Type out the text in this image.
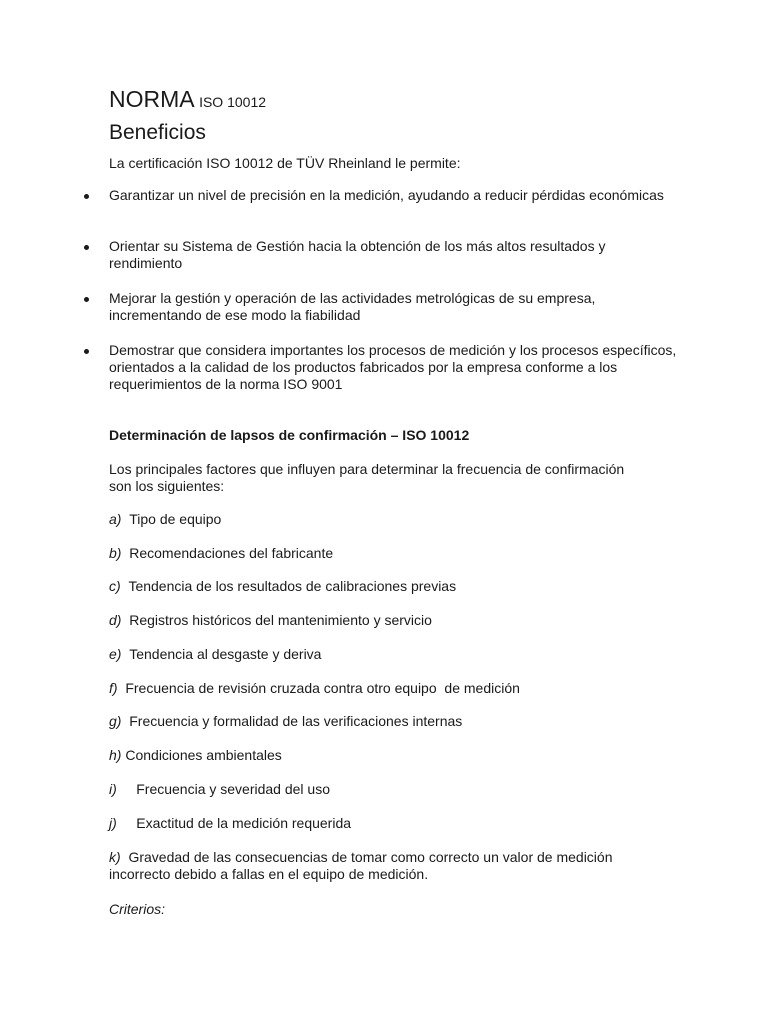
NORMA ISO 10012
Beneficios
La certificación ISO 10012 de TÜV Rheinland le permite:
Garantizar un nivel de precisión en la medición, ayudando a reducir pérdidas económicas
Orientar su Sistema de Gestión hacia la obtención de los más altos resultados y rendimiento
Mejorar la gestión y operación de las actividades metrológicas de su empresa, incrementando de ese modo la fiabilidad
Demostrar que considera importantes los procesos de medición y los procesos específicos, orientados a la calidad de los productos fabricados por la empresa conforme a los requerimientos de la norma ISO 9001
Determinación de lapsos de confirmación – ISO 10012
Los principales factores que influyen para determinar la frecuencia de confirmación son los siguientes:
a) Tipo de equipo
b) Recomendaciones del fabricante
c) Tendencia de los resultados de calibraciones previas
d) Registros históricos del mantenimiento y servicio
e) Tendencia al desgaste y deriva
f) Frecuencia de revisión cruzada contra otro equipo  de medición
g) Frecuencia y formalidad de las verificaciones internas
h) Condiciones ambientales
i) Frecuencia y severidad del uso
j) Exactitud de la medición requerida
k) Gravedad de las consecuencias de tomar como correcto un valor de medición incorrecto debido a fallas en el equipo de medición.
Criterios:
